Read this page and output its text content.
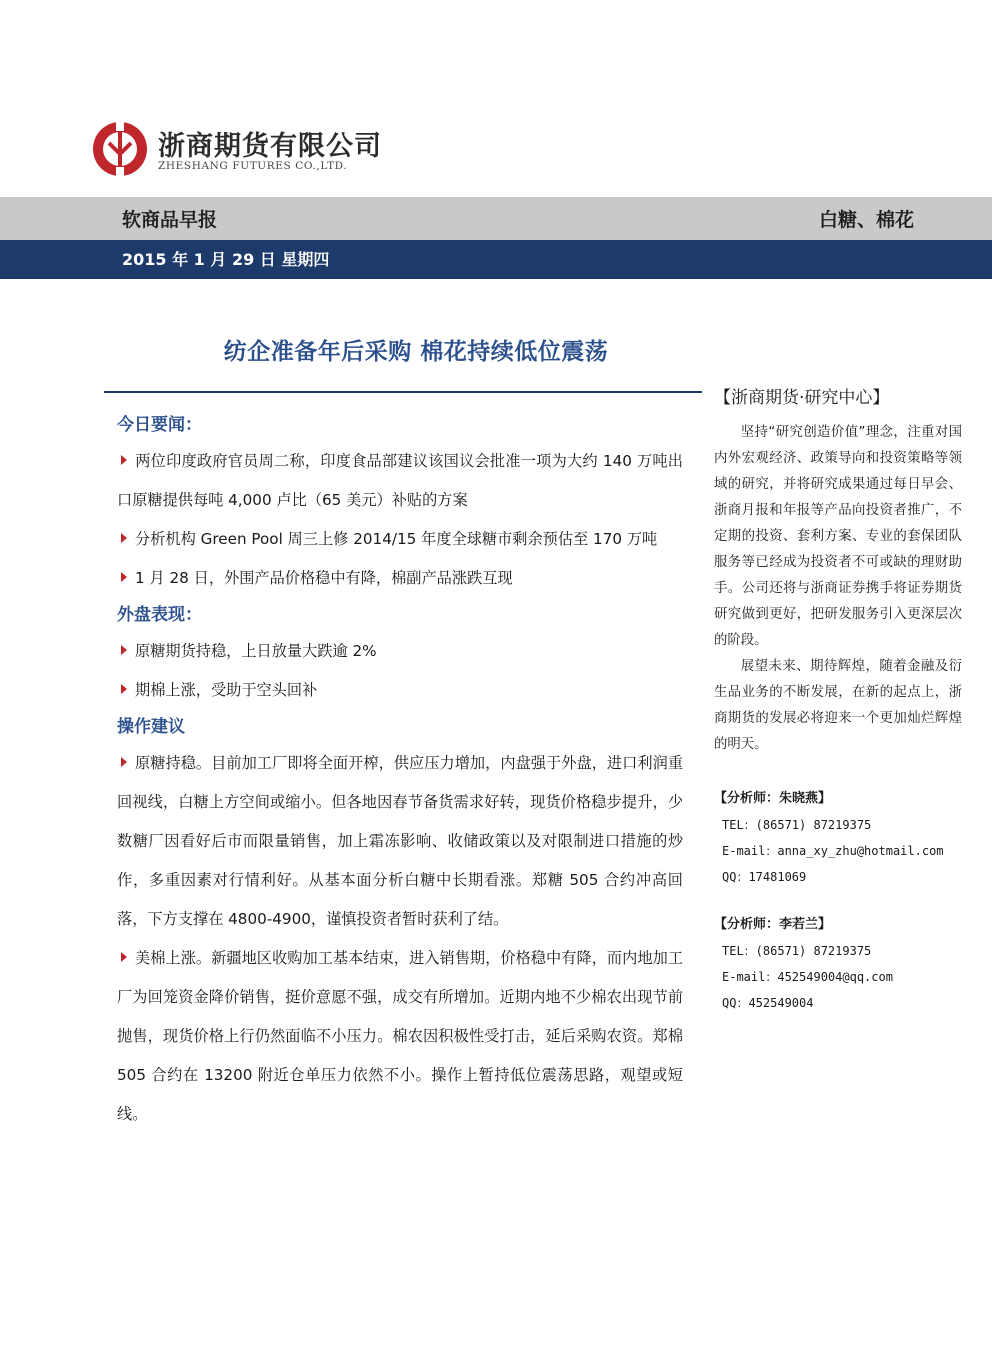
浙商期货有限公司
ZHESHANG FUTURES CO.,LTD.
软商品早报	白糖、棉花
2015 年 1 月 29 日 星期四
纺企准备年后采购 棉花持续低位震荡

今日要闻：

两位印度政府官员周二称，印度食品部建议该国议会批准一项为大约 140 万吨出口原糖提供每吨 4,000 卢比（65 美元）补贴的方案

分析机构 Green Pool 周三上修 2014/15 年度全球糖市剩余预估至 170 万吨

1 月 28 日，外围产品价格稳中有降，棉副产品涨跌互现

外盘表现：

原糖期货持稳，上日放量大跌逾 2%

期棉上涨，受助于空头回补

操作建议

原糖持稳。目前加工厂即将全面开榨，供应压力增加，内盘强于外盘，进口利润重回视线，白糖上方空间或缩小。但各地因春节备货需求好转，现货价格稳步提升，少数糖厂因看好后市而限量销售，加上霜冻影响、收储政策以及对限制进口措施的炒作，多重因素对行情利好。从基本面分析白糖中长期看涨。郑糖 505 合约冲高回落，下方支撑在 4800-4900，谨慎投资者暂时获利了结。

美棉上涨。新疆地区收购加工基本结束，进入销售期，价格稳中有降，而内地加工厂为回笼资金降价销售，挺价意愿不强，成交有所增加。近期内地不少棉农出现节前抛售，现货价格上行仍然面临不小压力。棉农因积极性受打击，延后采购农资。郑棉 505 合约在 13200 附近仓单压力依然不小。操作上暂持低位震荡思路，观望或短线。

【浙商期货·研究中心】

坚持“研究创造价值”理念，注重对国内外宏观经济、政策导向和投资策略等领域的研究，并将研究成果通过每日早会、浙商月报和年报等产品向投资者推广，不定期的投资、套利方案、专业的套保团队服务等已经成为投资者不可或缺的理财助手。公司还将与浙商证券携手将证券期货研究做到更好，把研发服务引入更深层次的阶段。

展望未来、期待辉煌，随着金融及衍生品业务的不断发展，在新的起点上，浙商期货的发展必将迎来一个更加灿烂辉煌的明天。

【分析师：朱晓燕】

TEL：(86571) 87219375

E-mail：anna_xy_zhu@hotmail.com

QQ：17481069

【分析师：李若兰】

TEL：(86571) 87219375

E-mail：452549004@qq.com

QQ：452549004
